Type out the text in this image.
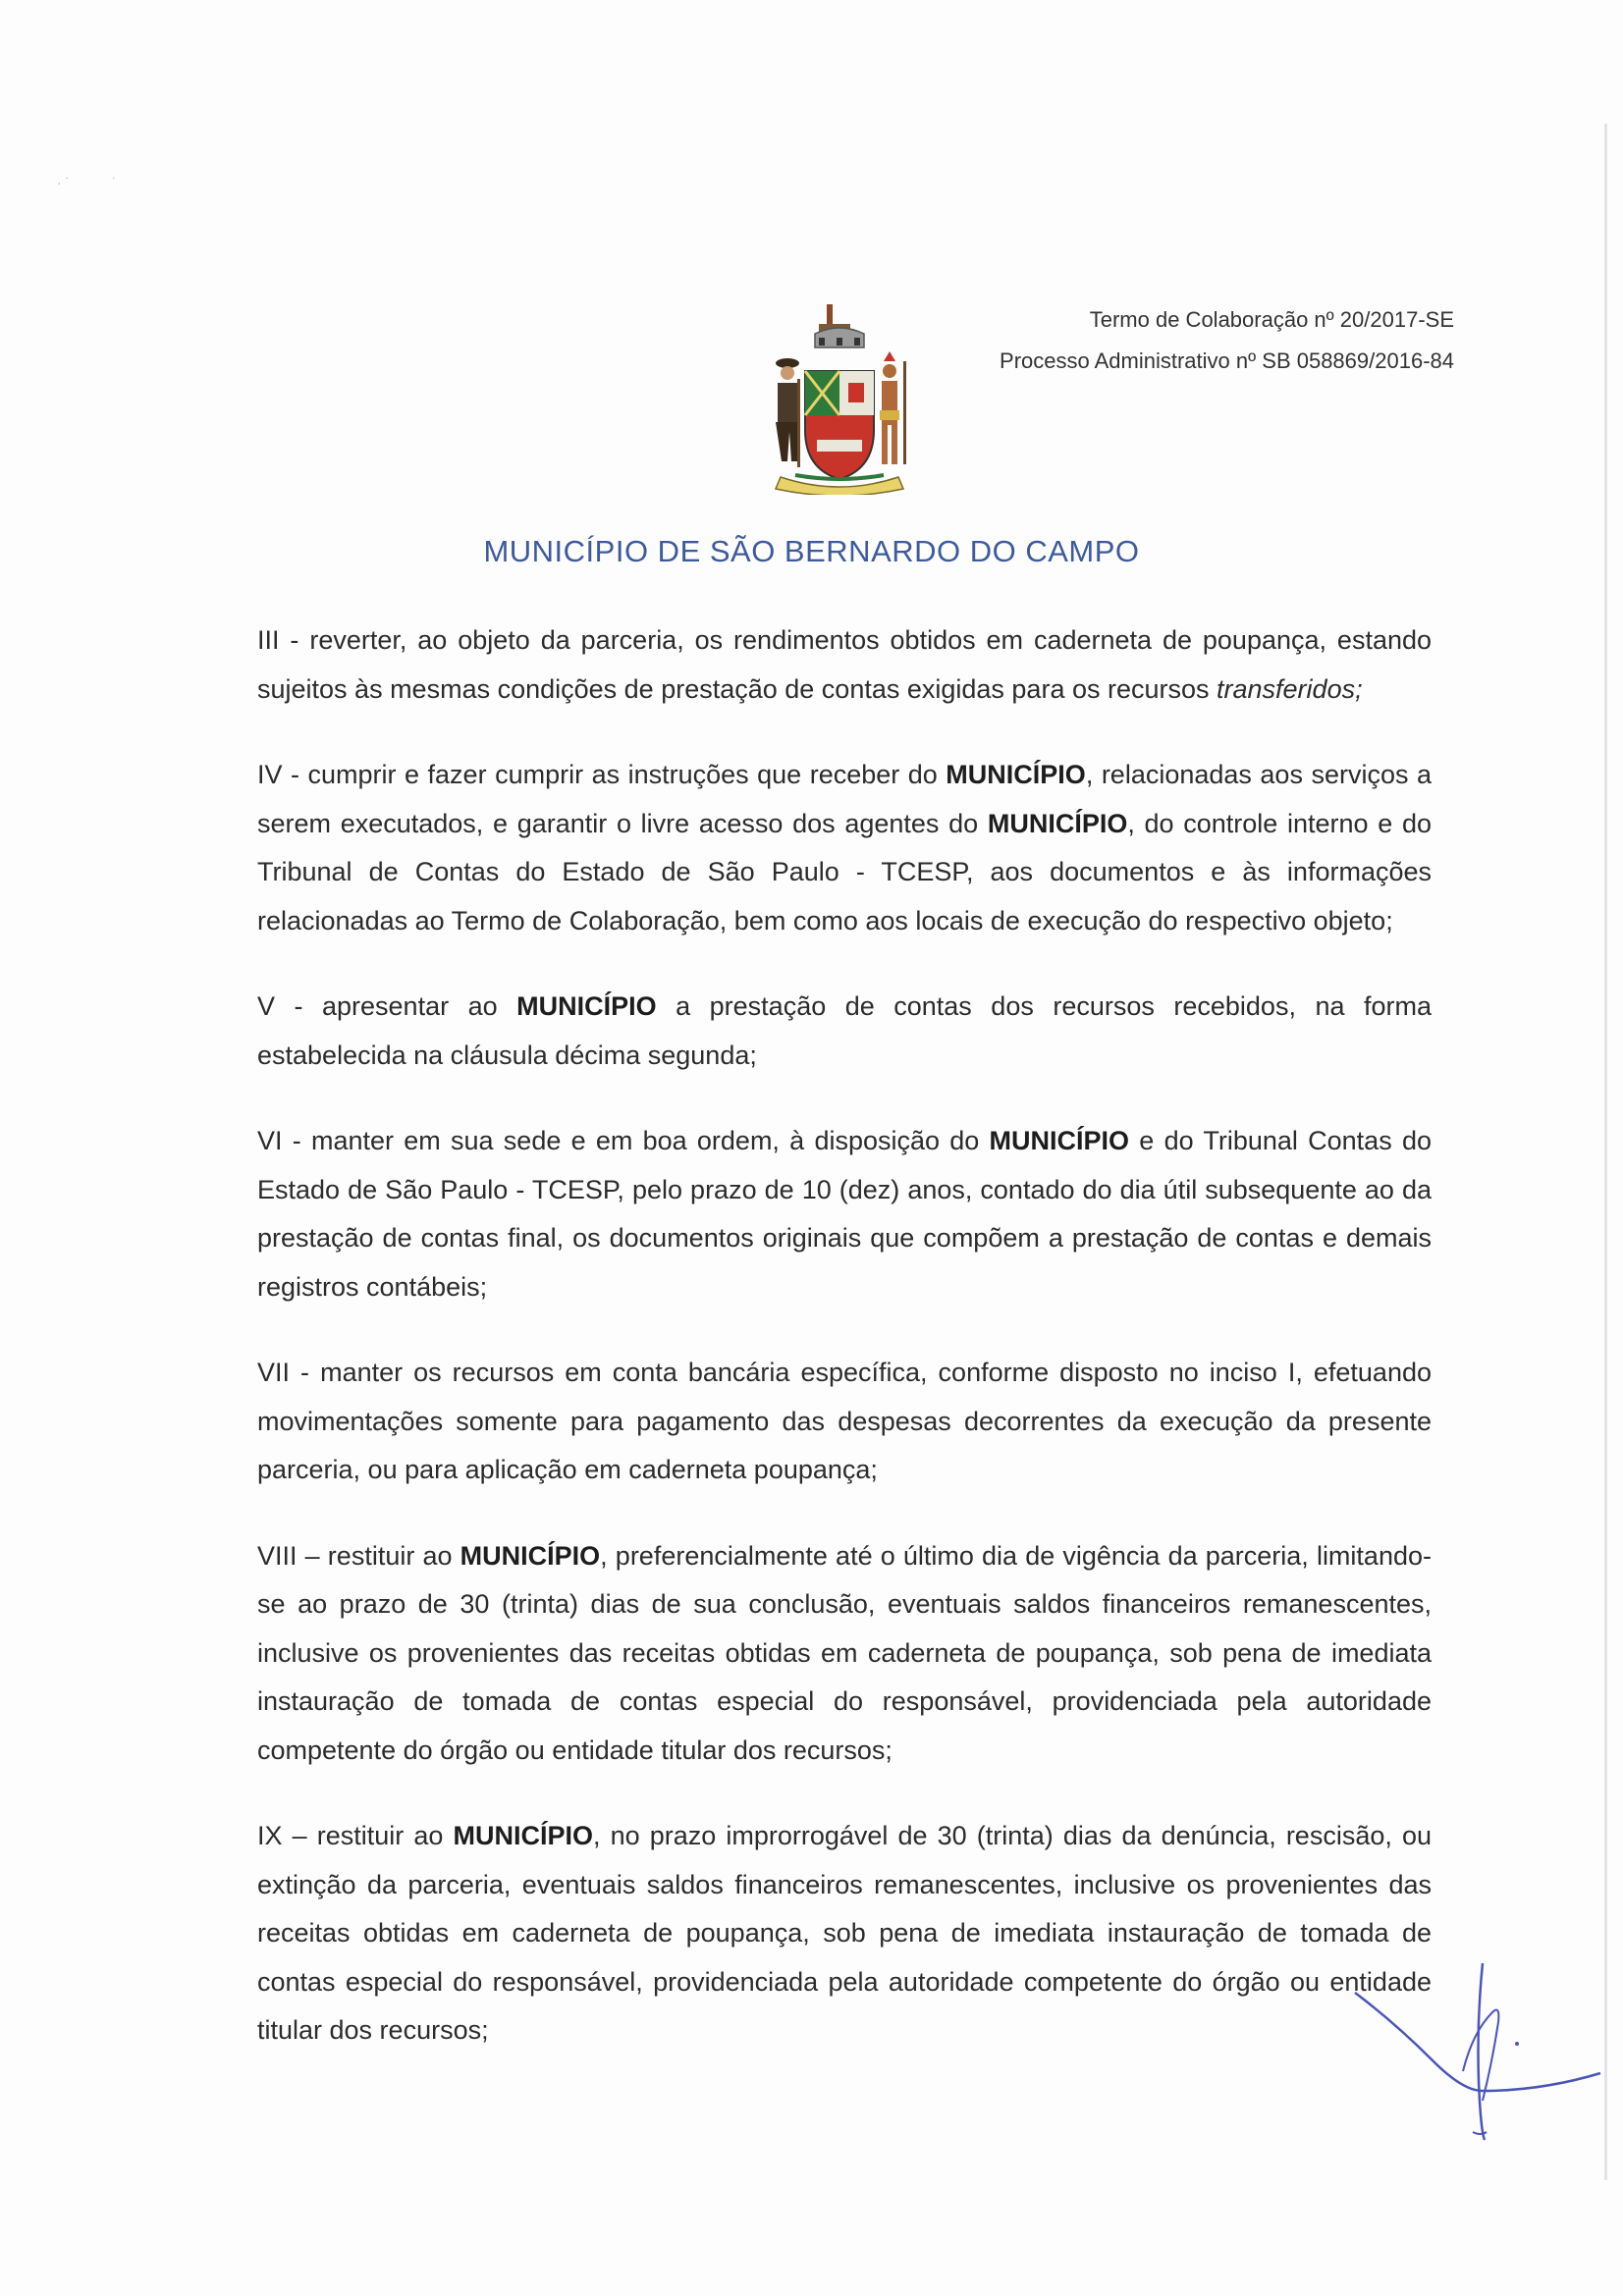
· ˙           ˙
Termo de Colaboração nº 20/2017-SE
Processo Administrativo nº SB 058869/2016-84
MUNICÍPIO DE SÃO BERNARDO DO CAMPO

III - reverter, ao objeto da parceria, os rendimentos obtidos em caderneta de poupança, estando sujeitos às mesmas condições de prestação de contas exigidas para os recursos transferidos;

IV - cumprir e fazer cumprir as instruções que receber do MUNICÍPIO, relacionadas aos serviços a serem executados, e garantir o livre acesso dos agentes do MUNICÍPIO, do controle interno e do Tribunal de Contas do Estado de São Paulo - TCESP, aos documentos e às informações relacionadas ao Termo de Colaboração, bem como aos locais de execução do respectivo objeto;

V - apresentar ao MUNICÍPIO a prestação de contas dos recursos recebidos, na forma estabelecida na cláusula décima segunda;

VI - manter em sua sede e em boa ordem, à disposição do MUNICÍPIO e do Tribunal Contas do Estado de São Paulo - TCESP, pelo prazo de 10 (dez) anos, contado do dia útil subsequente ao da prestação de contas final, os documentos originais que compõem a prestação de contas e demais registros contábeis;

VII - manter os recursos em conta bancária específica, conforme disposto no inciso I, efetuando movimentações somente para pagamento das despesas decorrentes da execução da presente parceria, ou para aplicação em caderneta poupança;

VIII – restituir ao MUNICÍPIO, preferencialmente até o último dia de vigência da parceria, limitando-se ao prazo de 30 (trinta) dias de sua conclusão, eventuais saldos financeiros remanescentes, inclusive os provenientes das receitas obtidas em caderneta de poupança, sob pena de imediata instauração de tomada de contas especial do responsável, providenciada pela autoridade competente do órgão ou entidade titular dos recursos;

IX – restituir ao MUNICÍPIO, no prazo improrrogável de 30 (trinta) dias da denúncia, rescisão, ou extinção da parceria, eventuais saldos financeiros remanescentes, inclusive os provenientes das receitas obtidas em caderneta de poupança, sob pena de imediata instauração de tomada de contas especial do responsável, providenciada pela autoridade competente do órgão ou entidade titular dos recursos;
